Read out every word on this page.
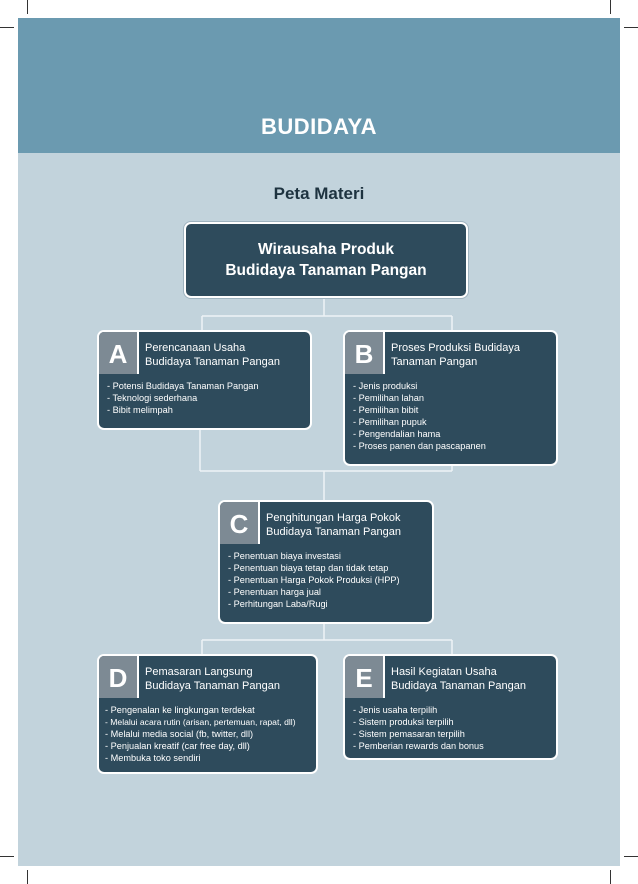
BUDIDAYA
Peta Materi
Wirausaha Produk
Budidaya Tanaman Pangan
A	Perencanaan Usaha
Budidaya Tanaman Pangan
- Potensi Budidaya Tanaman Pangan
- Teknologi sederhana
- Bibit melimpah
B	Proses Produksi Budidaya
Tanaman Pangan
- Jenis produksi
- Pemilihan lahan
- Pemilihan bibit
- Pemilihan pupuk
- Pengendalian hama
- Proses panen dan pascapanen
C	Penghitungan Harga Pokok
Budidaya Tanaman Pangan
- Penentuan biaya investasi
- Penentuan biaya tetap dan tidak tetap
- Penentuan Harga Pokok Produksi (HPP)
- Penentuan harga jual
- Perhitungan Laba/Rugi
D	Pemasaran Langsung
Budidaya Tanaman Pangan
- Pengenalan ke lingkungan terdekat
- Melalui acara rutin (arisan, pertemuan, rapat, dll)
- Melalui media social (fb, twitter, dll)
- Penjualan kreatif (car free day, dll)
- Membuka toko sendiri
E	Hasil Kegiatan Usaha
Budidaya Tanaman Pangan
- Jenis usaha terpilih
- Sistem produksi terpilih
- Sistem pemasaran terpilih
- Pemberian rewards dan bonus
